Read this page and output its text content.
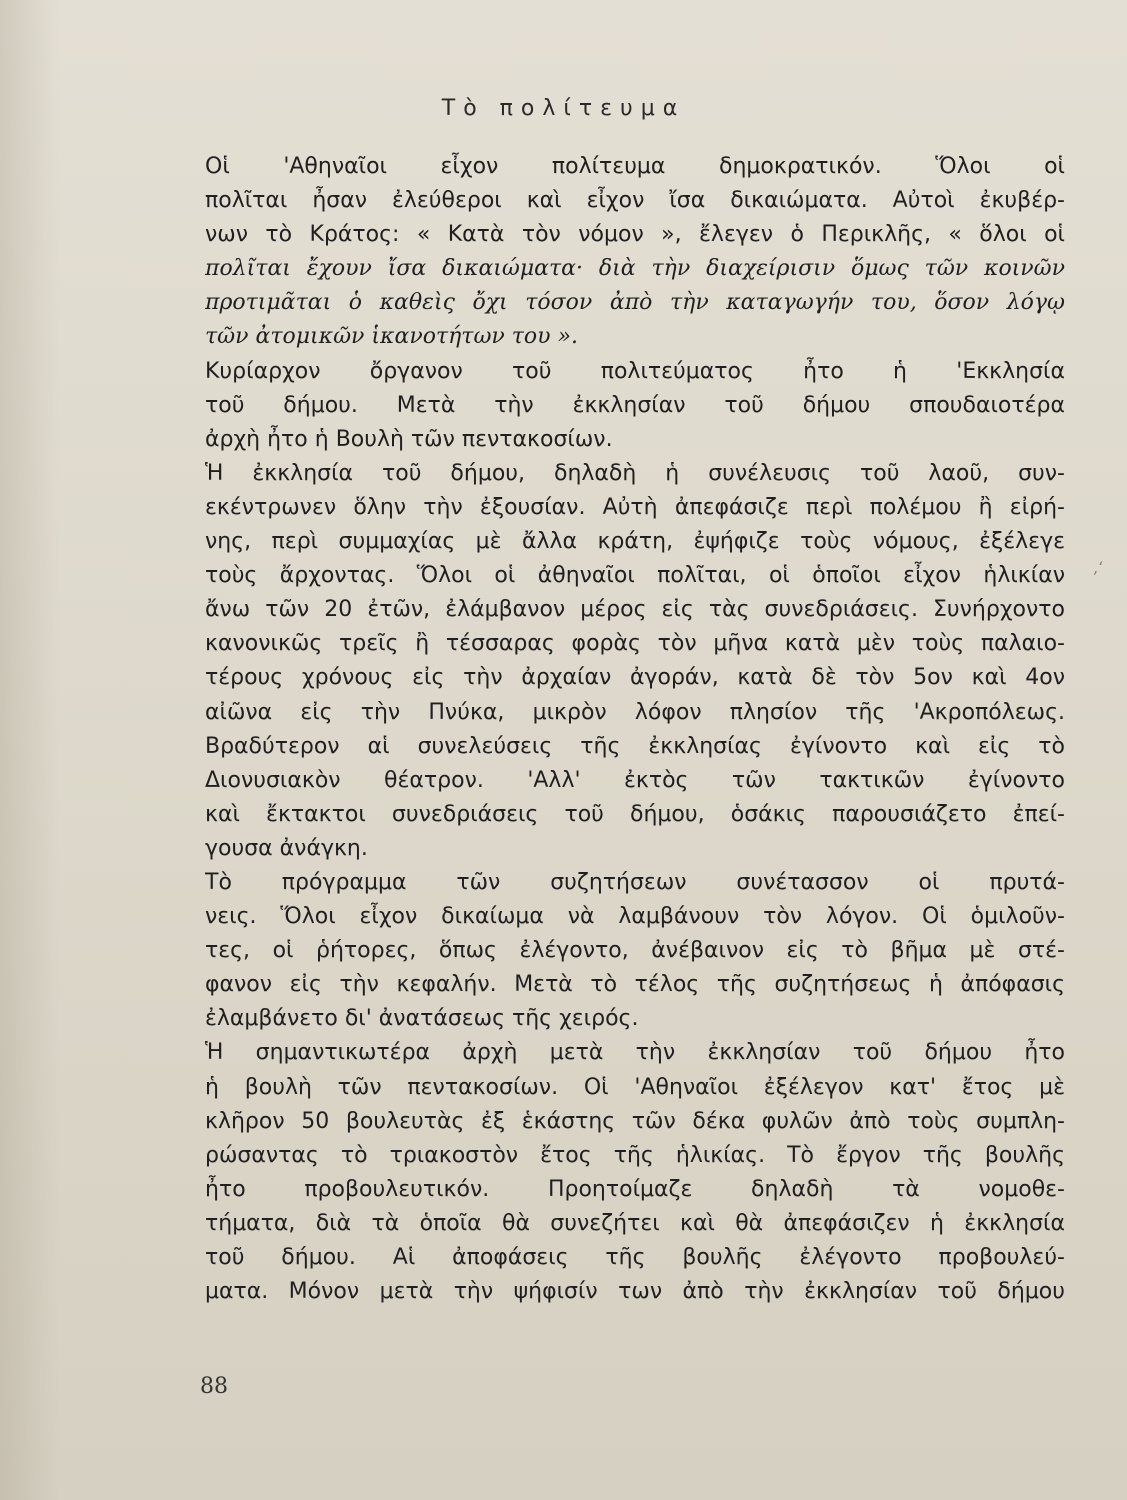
Τὸ πολίτευμα
Οἱ 'Αθηναῖοι εἶχον πολίτευμα δημοκρατικόν. Ὅλοι οἱ
πολῖται ἦσαν ἐλεύθεροι καὶ εἶχον ἴσα δικαιώματα. Αὐτοὶ ἐκυβέρ-
νων τὸ Κράτος: « Κατὰ τὸν νόμον », ἔλεγεν ὁ Περικλῆς, « ὅλοι οἱ
πολῖται ἔχουν ἴσα δικαιώματα· διὰ τὴν διαχείρισιν ὅμως τῶν κοινῶν
προτιμᾶται ὁ καθεὶς ὄχι τόσον ἀπὸ τὴν καταγωγήν του, ὅσον λόγῳ
τῶν ἀτομικῶν ἱκανοτήτων του ».
Κυρίαρχον ὄργανον τοῦ πολιτεύματος ἦτο ἡ 'Εκκλησία
τοῦ δήμου. Μετὰ τὴν ἐκκλησίαν τοῦ δήμου σπουδαιοτέρα
ἀρχὴ ἦτο ἡ Βουλὴ τῶν πεντακοσίων.
Ἡ ἐκκλησία τοῦ δήμου, δηλαδὴ ἡ συνέλευσις τοῦ λαοῦ, συν-
εκέντρωνεν ὅλην τὴν ἐξουσίαν. Αὐτὴ ἀπεφάσιζε περὶ πολέμου ἢ εἰρή-
νης, περὶ συμμαχίας μὲ ἄλλα κράτη, ἐψήφιζε τοὺς νόμους, ἐξέλεγε
τοὺς ἄρχοντας. Ὅλοι οἱ ἀθηναῖοι πολῖται, οἱ ὁποῖοι εἶχον ἡλικίαν
ἄνω τῶν 20 ἐτῶν, ἐλάμβανον μέρος εἰς τὰς συνεδριάσεις. Συνήρχοντο
κανονικῶς τρεῖς ἢ τέσσαρας φορὰς τὸν μῆνα κατὰ μὲν τοὺς παλαιο-
τέρους χρόνους εἰς τὴν ἀρχαίαν ἀγοράν, κατὰ δὲ τὸν 5ον καὶ 4ον
αἰῶνα εἰς τὴν Πνύκα, μικρὸν λόφον πλησίον τῆς 'Ακροπόλεως.
Βραδύτερον αἱ συνελεύσεις τῆς ἐκκλησίας ἐγίνοντο καὶ εἰς τὸ
Διονυσιακὸν θέατρον. 'Αλλ' ἐκτὸς τῶν τακτικῶν ἐγίνοντο
καὶ ἔκτακτοι συνεδριάσεις τοῦ δήμου, ὁσάκις παρουσιάζετο ἐπεί-
γουσα ἀνάγκη.
Τὸ πρόγραμμα τῶν συζητήσεων συνέτασσον οἱ πρυτά-
νεις. Ὅλοι εἶχον δικαίωμα νὰ λαμβάνουν τὸν λόγον. Οἱ ὁμιλοῦν-
τες, οἱ ῥήτορες, ὅπως ἐλέγοντο, ἀνέβαινον εἰς τὸ βῆμα μὲ στέ-
φανον εἰς τὴν κεφαλήν. Μετὰ τὸ τέλος τῆς συζητήσεως ἡ ἀπόφασις
ἐλαμβάνετο δι' ἀνατάσεως τῆς χειρός.
Ἡ σημαντικωτέρα ἀρχὴ μετὰ τὴν ἐκκλησίαν τοῦ δήμου ἦτο
ἡ βουλὴ τῶν πεντακοσίων. Οἱ 'Αθηναῖοι ἐξέλεγον κατ' ἔτος μὲ
κλῆρον 50 βουλευτὰς ἐξ ἑκάστης τῶν δέκα φυλῶν ἀπὸ τοὺς συμπλη-
ρώσαντας τὸ τριακοστὸν ἔτος τῆς ἡλικίας. Τὸ ἔργον τῆς βουλῆς
ἦτο προβουλευτικόν. Προητοίμαζε δηλαδὴ τὰ νομοθε-
τήματα, διὰ τὰ ὁποῖα θὰ συνεζήτει καὶ θὰ ἀπεφάσιζεν ἡ ἐκκλησία
τοῦ δήμου. Αἱ ἀποφάσεις τῆς βουλῆς ἐλέγοντο προβουλεύ-
ματα. Μόνον μετὰ τὴν ψήφισίν των ἀπὸ τὴν ἐκκλησίαν τοῦ δήμου
‚‘
88
